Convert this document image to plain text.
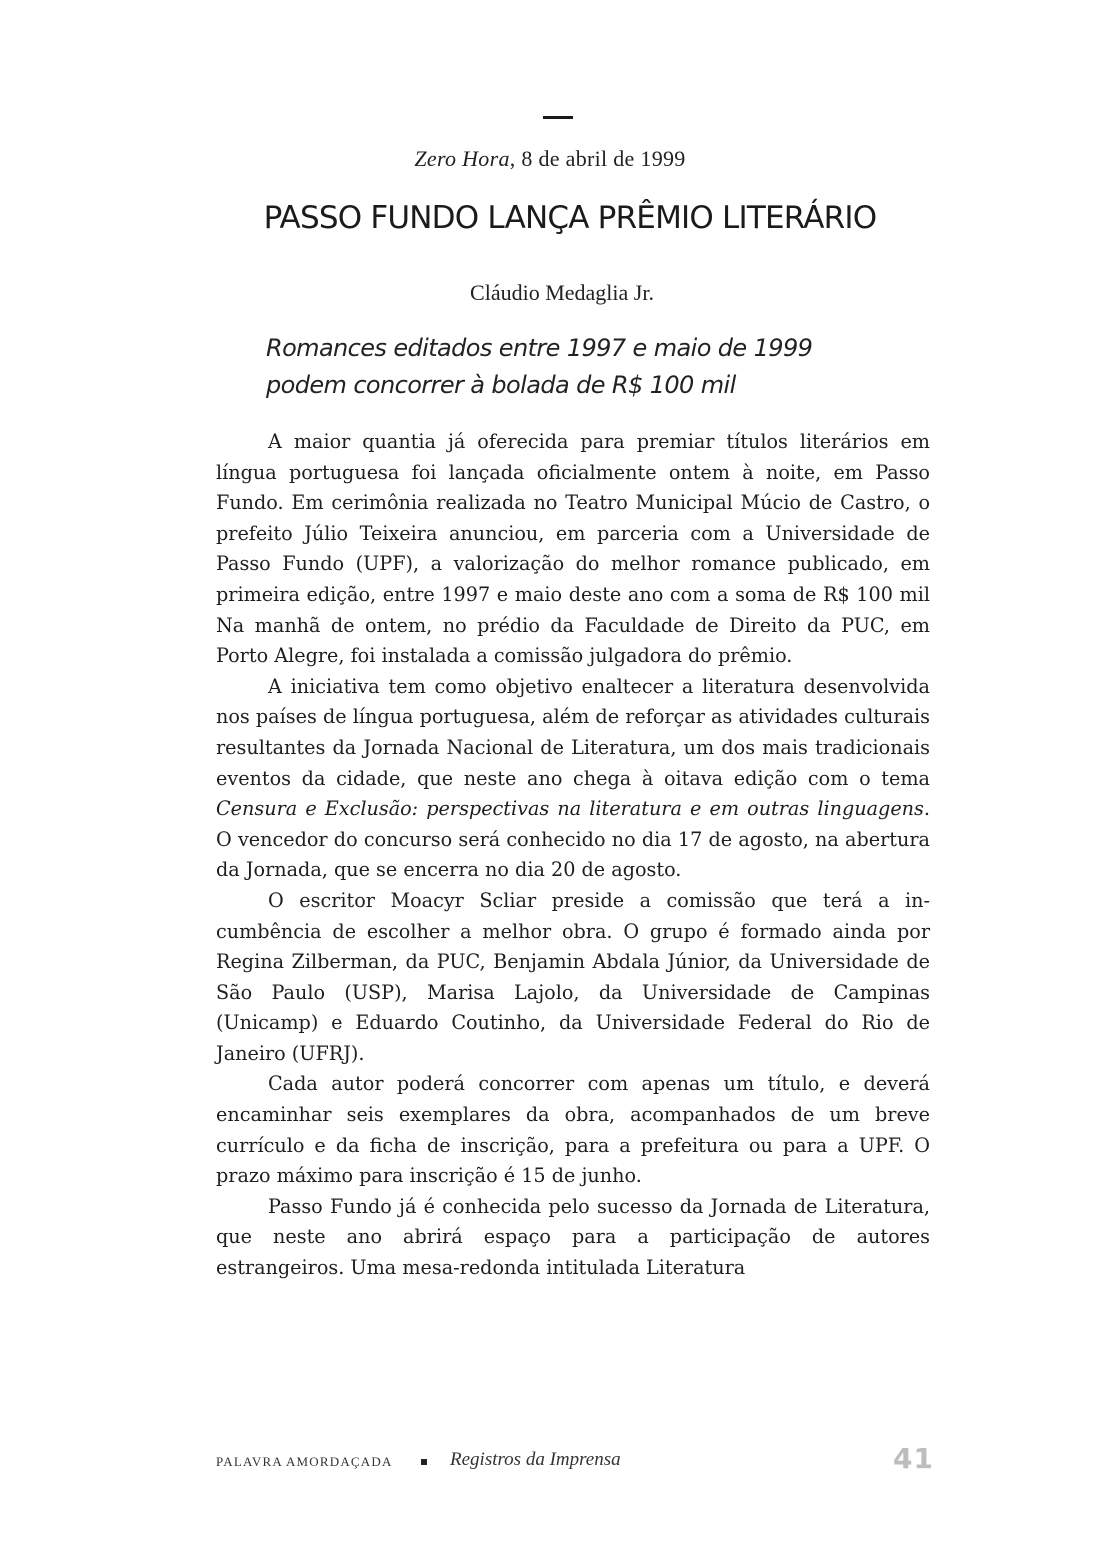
Zero Hora, 8 de abril de 1999
PASSO FUNDO LANÇA PRÊMIO LITERÁRIO
Cláudio Medaglia Jr.
Romances editados entre 1997 e maio de 1999 podem concorrer à bolada de R$ 100 mil

A maior quantia já oferecida para premiar títulos literários em língua portuguesa foi lançada oficialmente ontem à noite, em Passo Fundo. Em cerimônia realizada no Teatro Municipal Múcio de Castro, o prefeito Júlio Teixeira anunciou, em parceria com a Universidade de Passo Fundo (UPF), a valorização do melhor romance publicado, em primeira edição, entre 1997 e maio deste ano com a soma de R$ 100 mil Na manhã de ontem, no prédio da Faculdade de Direito da PUC, em Porto Alegre, foi instalada a comissão julgadora do prêmio.

A iniciativa tem como objetivo enaltecer a literatura desenvolvida nos países de língua portuguesa, além de reforçar as atividades culturais resultantes da Jornada Nacional de Literatura, um dos mais tradicionais eventos da cidade, que neste ano chega à oitava edição com o tema Censura e Exclusão: perspectivas na literatura e em outras linguagens. O vencedor do concurso será conhecido no dia 17 de agosto, na abertura da Jornada, que se encerra no dia 20 de agosto.

O escritor Moacyr Scliar preside a comissão que terá a incumbência de escolher a melhor obra. O grupo é formado ainda por Regina Zilberman, da PUC, Benjamin Abdala Júnior, da Universidade de São Paulo (USP), Marisa Lajolo, da Universidade de Campinas (Unicamp) e Eduardo Coutinho, da Universidade Federal do Rio de Janeiro (UFRJ).

Cada autor poderá concorrer com apenas um título, e deverá encaminhar seis exemplares da obra, acompanhados de um breve currículo e da ficha de inscrição, para a prefeitura ou para a UPF. O prazo máximo para inscrição é 15 de junho.

Passo Fundo já é conhecida pelo sucesso da Jornada de Literatura, que neste ano abrirá espaço para a participação de autores estrangeiros. Uma mesa-redonda intitulada Literatura

PALAVRA AMORDAÇADA	Registros da Imprensa	41
